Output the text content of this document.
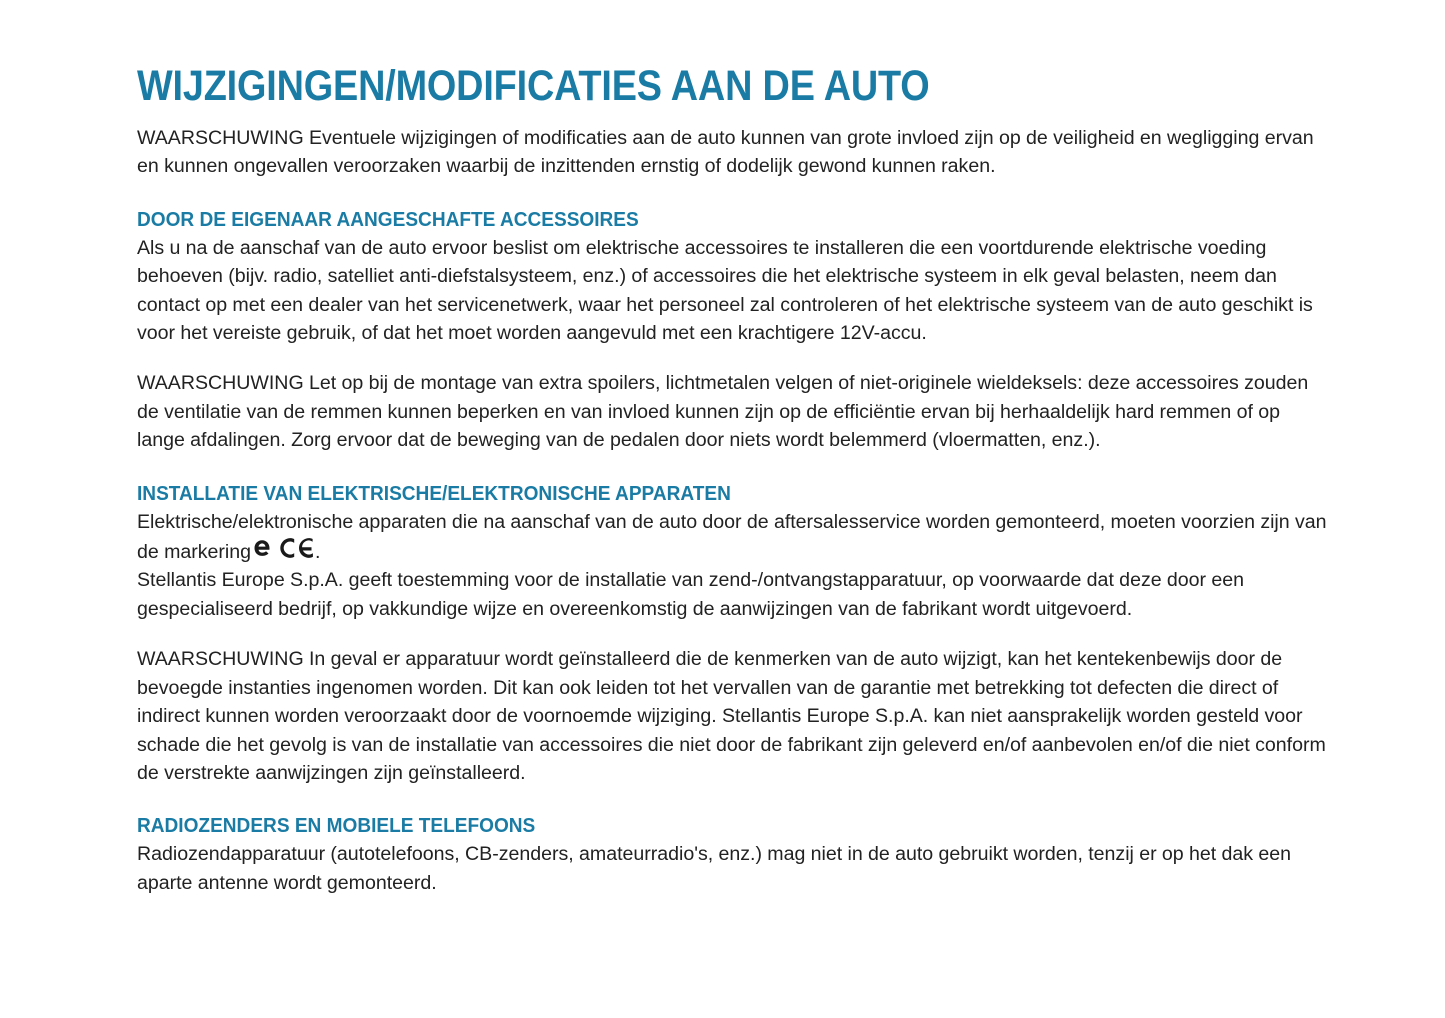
WIJZIGINGEN/MODIFICATIES AAN DE AUTO

WAARSCHUWING Eventuele wijzigingen of modificaties aan de auto kunnen van grote invloed zijn op de veiligheid en wegligging ervan en kunnen ongevallen veroorzaken waarbij de inzittenden ernstig of dodelijk gewond kunnen raken.

DOOR DE EIGENAAR AANGESCHAFTE ACCESSOIRES

Als u na de aanschaf van de auto ervoor beslist om elektrische accessoires te installeren die een voortdurende elektrische voeding behoeven (bijv. radio, satelliet anti-diefstalsysteem, enz.) of accessoires die het elektrische systeem in elk geval belasten, neem dan contact op met een dealer van het servicenetwerk, waar het personeel zal controleren of het elektrische systeem van de auto geschikt is voor het vereiste gebruik, of dat het moet worden aangevuld met een krachtigere 12V-accu.

WAARSCHUWING Let op bij de montage van extra spoilers, lichtmetalen velgen of niet-originele wieldeksels: deze accessoires zouden de ventilatie van de remmen kunnen beperken en van invloed kunnen zijn op de efficiëntie ervan bij herhaaldelijk hard remmen of op lange afdalingen. Zorg ervoor dat de beweging van de pedalen door niets wordt belemmerd (vloermatten, enz.).

INSTALLATIE VAN ELEKTRISCHE/ELEKTRONISCHE APPARATEN

Elektrische/elektronische apparaten die na aanschaf van de auto door de aftersalesservice worden gemonteerd, moeten voorzien zijn van de markering	.

Stellantis Europe S.p.A. geeft toestemming voor de installatie van zend-/ontvangstapparatuur, op voorwaarde dat deze door een gespecialiseerd bedrijf, op vakkundige wijze en overeenkomstig de aanwijzingen van de fabrikant wordt uitgevoerd.

WAARSCHUWING In geval er apparatuur wordt geïnstalleerd die de kenmerken van de auto wijzigt, kan het kentekenbewijs door de bevoegde instanties ingenomen worden. Dit kan ook leiden tot het vervallen van de garantie met betrekking tot defecten die direct of indirect kunnen worden veroorzaakt door de voornoemde wijziging. Stellantis Europe S.p.A. kan niet aansprakelijk worden gesteld voor schade die het gevolg is van de installatie van accessoires die niet door de fabrikant zijn geleverd en/of aanbevolen en/of die niet conform de verstrekte aanwijzingen zijn geïnstalleerd.

RADIOZENDERS EN MOBIELE TELEFOONS

Radiozendapparatuur (autotelefoons, CB-zenders, amateurradio's, enz.) mag niet in de auto gebruikt worden, tenzij er op het dak een aparte antenne wordt gemonteerd.
